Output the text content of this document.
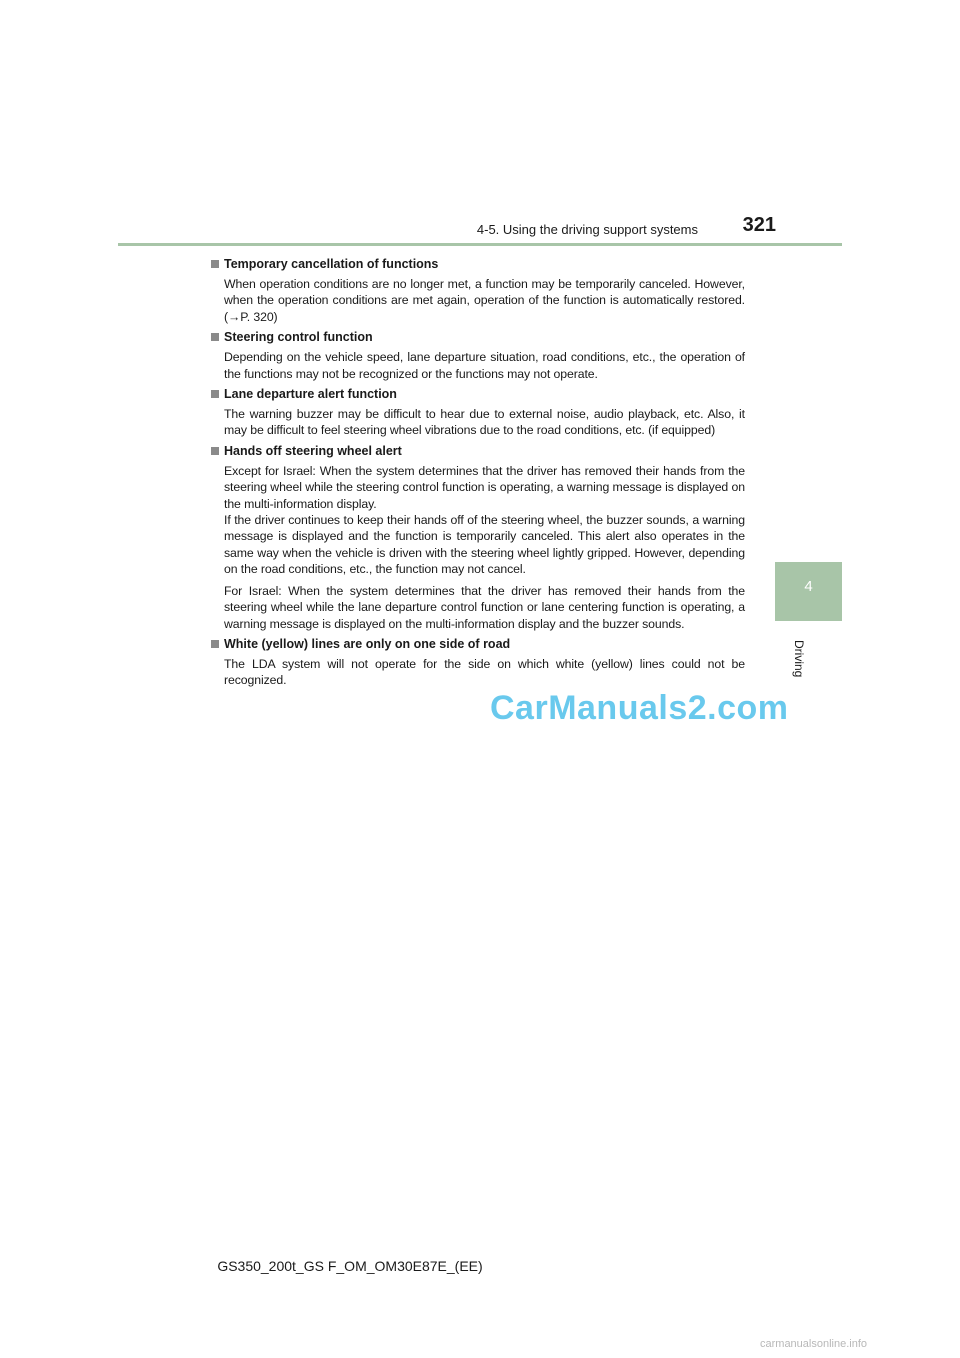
4-5. Using the driving support systems 321
4
Driving
Temporary cancellation of functions

When operation conditions are no longer met, a function may be temporarily canceled. However, when the operation conditions are met again, operation of the function is automatically restored. (→P. 320)

Steering control function

Depending on the vehicle speed, lane departure situation, road conditions, etc., the operation of the functions may not be recognized or the functions may not operate.

Lane departure alert function

The warning buzzer may be difficult to hear due to external noise, audio playback, etc. Also, it may be difficult to feel steering wheel vibrations due to the road conditions, etc. (if equipped)

Hands off steering wheel alert

Except for Israel: When the system determines that the driver has removed their hands from the steering wheel while the steering control function is operating, a warning message is displayed on the multi-information display.

If the driver continues to keep their hands off of the steering wheel, the buzzer sounds, a warning message is displayed and the function is temporarily canceled. This alert also operates in the same way when the vehicle is driven with the steering wheel lightly gripped. However, depending on the road conditions, etc., the function may not cancel.

For Israel: When the system determines that the driver has removed their hands from the steering wheel while the lane departure control function or lane centering function is operating, a warning message is displayed on the multi-information display and the buzzer sounds.

White (yellow) lines are only on one side of road

The LDA system will not operate for the side on which white (yellow) lines could not be recognized.

CarManuals2.com
GS350_200t_GS F_OM_OM30E87E_(EE)
carmanualsonline.info
